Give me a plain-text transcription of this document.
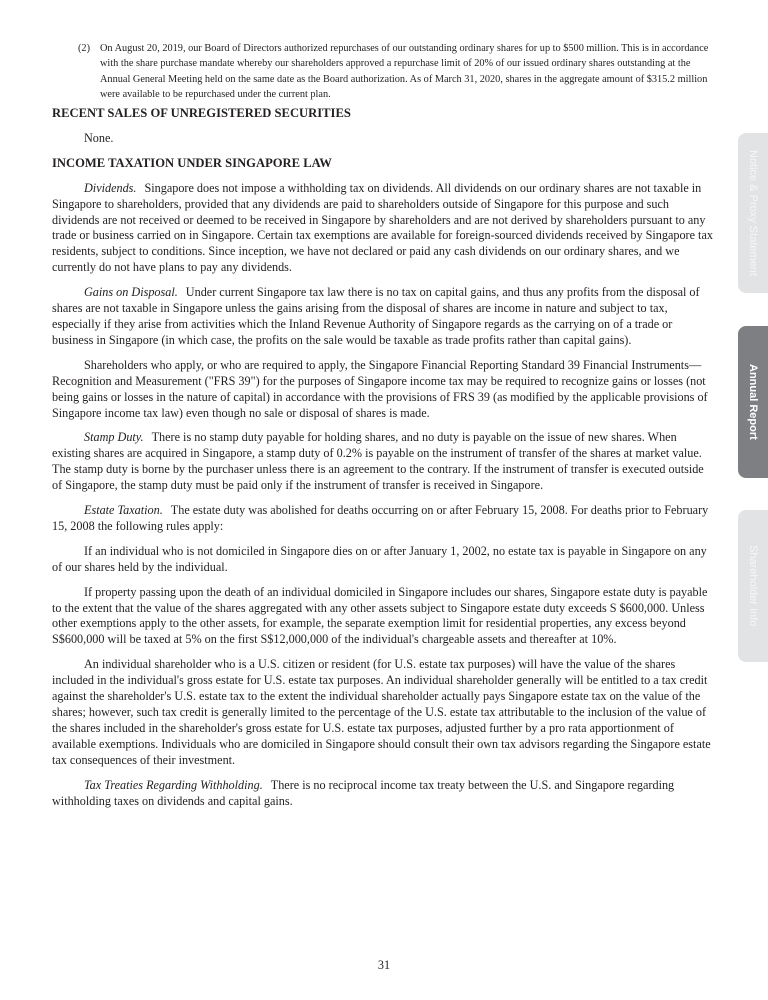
(2) On August 20, 2019, our Board of Directors authorized repurchases of our outstanding ordinary shares for up to $500 million. This is in accordance with the share purchase mandate whereby our shareholders approved a repurchase limit of 20% of our issued ordinary shares outstanding at the Annual General Meeting held on the same date as the Board authorization. As of March 31, 2020, shares in the aggregate amount of $315.2 million were available to be repurchased under the current plan.
RECENT SALES OF UNREGISTERED SECURITIES

None.

INCOME TAXATION UNDER SINGAPORE LAW

Dividends. Singapore does not impose a withholding tax on dividends. All dividends on our ordinary shares are not taxable in Singapore to shareholders, provided that any dividends are paid to shareholders outside of Singapore for this purpose and such dividends are not received or deemed to be received in Singapore by shareholders and are not derived by shareholders pursuant to any trade or business carried on in Singapore. Certain tax exemptions are available for foreign-sourced dividends received by Singapore tax residents, subject to conditions. Since inception, we have not declared or paid any cash dividends on our ordinary shares, and we currently do not have plans to pay any dividends.

Gains on Disposal. Under current Singapore tax law there is no tax on capital gains, and thus any profits from the disposal of shares are not taxable in Singapore unless the gains arising from the disposal of shares are income in nature and subject to tax, especially if they arise from activities which the Inland Revenue Authority of Singapore regards as the carrying on of a trade or business in Singapore (in which case, the profits on the sale would be taxable as trade profits rather than capital gains).

Shareholders who apply, or who are required to apply, the Singapore Financial Reporting Standard 39 Financial Instruments—Recognition and Measurement ("FRS 39") for the purposes of Singapore income tax may be required to recognize gains or losses (not being gains or losses in the nature of capital) in accordance with the provisions of FRS 39 (as modified by the applicable provisions of Singapore income tax law) even though no sale or disposal of shares is made.

Stamp Duty. There is no stamp duty payable for holding shares, and no duty is payable on the issue of new shares. When existing shares are acquired in Singapore, a stamp duty of 0.2% is payable on the instrument of transfer of the shares at market value. The stamp duty is borne by the purchaser unless there is an agreement to the contrary. If the instrument of transfer is executed outside of Singapore, the stamp duty must be paid only if the instrument of transfer is received in Singapore.

Estate Taxation. The estate duty was abolished for deaths occurring on or after February 15, 2008. For deaths prior to February 15, 2008 the following rules apply:

If an individual who is not domiciled in Singapore dies on or after January 1, 2002, no estate tax is payable in Singapore on any of our shares held by the individual.

If property passing upon the death of an individual domiciled in Singapore includes our shares, Singapore estate duty is payable to the extent that the value of the shares aggregated with any other assets subject to Singapore estate duty exceeds S $600,000. Unless other exemptions apply to the other assets, for example, the separate exemption limit for residential properties, any excess beyond S$600,000 will be taxed at 5% on the first S$12,000,000 of the individual's chargeable assets and thereafter at 10%.

An individual shareholder who is a U.S. citizen or resident (for U.S. estate tax purposes) will have the value of the shares included in the individual's gross estate for U.S. estate tax purposes. An individual shareholder generally will be entitled to a tax credit against the shareholder's U.S. estate tax to the extent the individual shareholder actually pays Singapore estate tax on the value of the shares; however, such tax credit is generally limited to the percentage of the U.S. estate tax attributable to the inclusion of the value of the shares included in the shareholder's gross estate for U.S. estate tax purposes, adjusted further by a pro rata apportionment of available exemptions. Individuals who are domiciled in Singapore should consult their own tax advisors regarding the Singapore estate tax consequences of their investment.

Tax Treaties Regarding Withholding. There is no reciprocal income tax treaty between the U.S. and Singapore regarding withholding taxes on dividends and capital gains.

31
Notice & Proxy Statement
Annual Report
Shareholder Info
